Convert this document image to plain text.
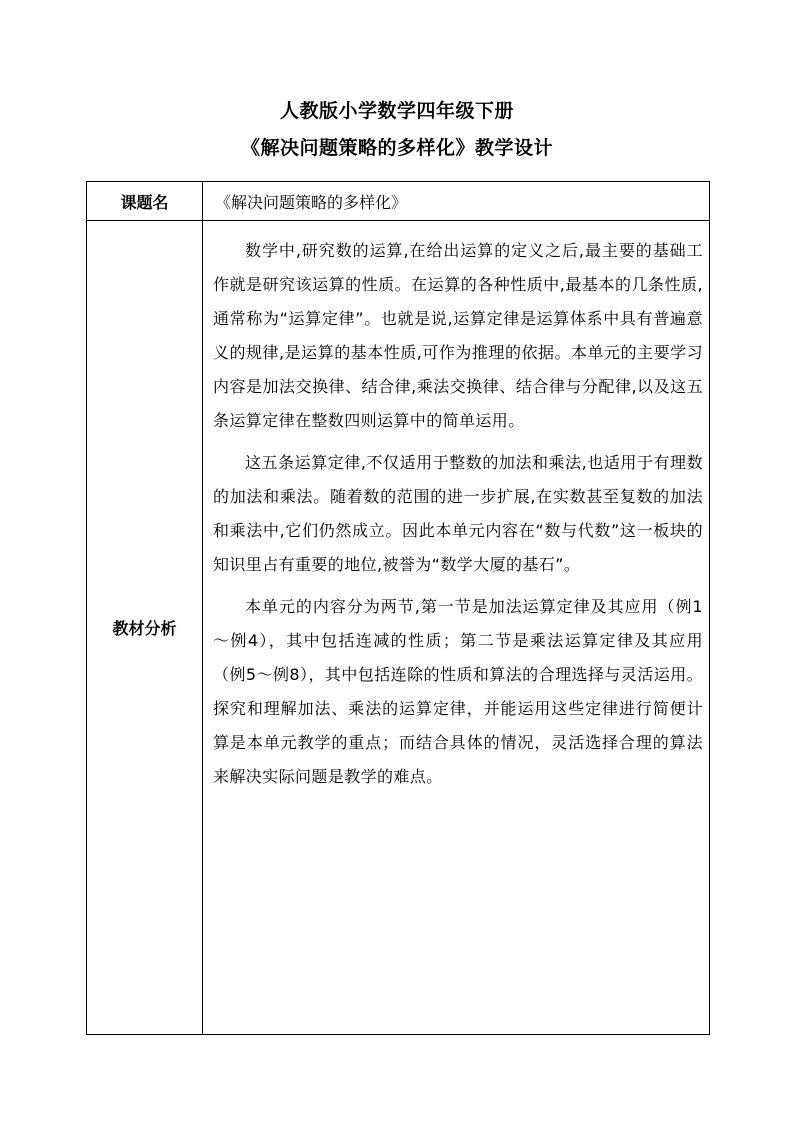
人教版小学数学四年级下册

《解决问题策略的多样化》教学设计

课题名	《解决问题策略的多样化》
教材分析	数学中,研究数的运算,在给出运算的定义之后,最主要的基础工作就是研究该运算的性质。在运算的各种性质中,最基本的几条性质,通常称为“运算定律”。也就是说,运算定律是运算体系中具有普遍意义的规律,是运算的基本性质,可作为推理的依据。本单元的主要学习内容是加法交换律、结合律,乘法交换律、结合律与分配律,以及这五条运算定律在整数四则运算中的简单运用。

这五条运算定律,不仅适用于整数的加法和乘法,也适用于有理数的加法和乘法。随着数的范围的进一步扩展,在实数甚至复数的加法和乘法中,它们仍然成立。因此本单元内容在“数与代数”这一板块的知识里占有重要的地位,被誉为“数学大厦的基石”。

本单元的内容分为两节,第一节是加法运算定律及其应用（例1～例4），其中包括连减的性质；第二节是乘法运算定律及其应用（例5～例8），其中包括连除的性质和算法的合理选择与灵活运用。探究和理解加法、乘法的运算定律，并能运用这些定律进行简便计算是本单元教学的重点；而结合具体的情况，灵活选择合理的算法来解决实际问题是教学的难点。
